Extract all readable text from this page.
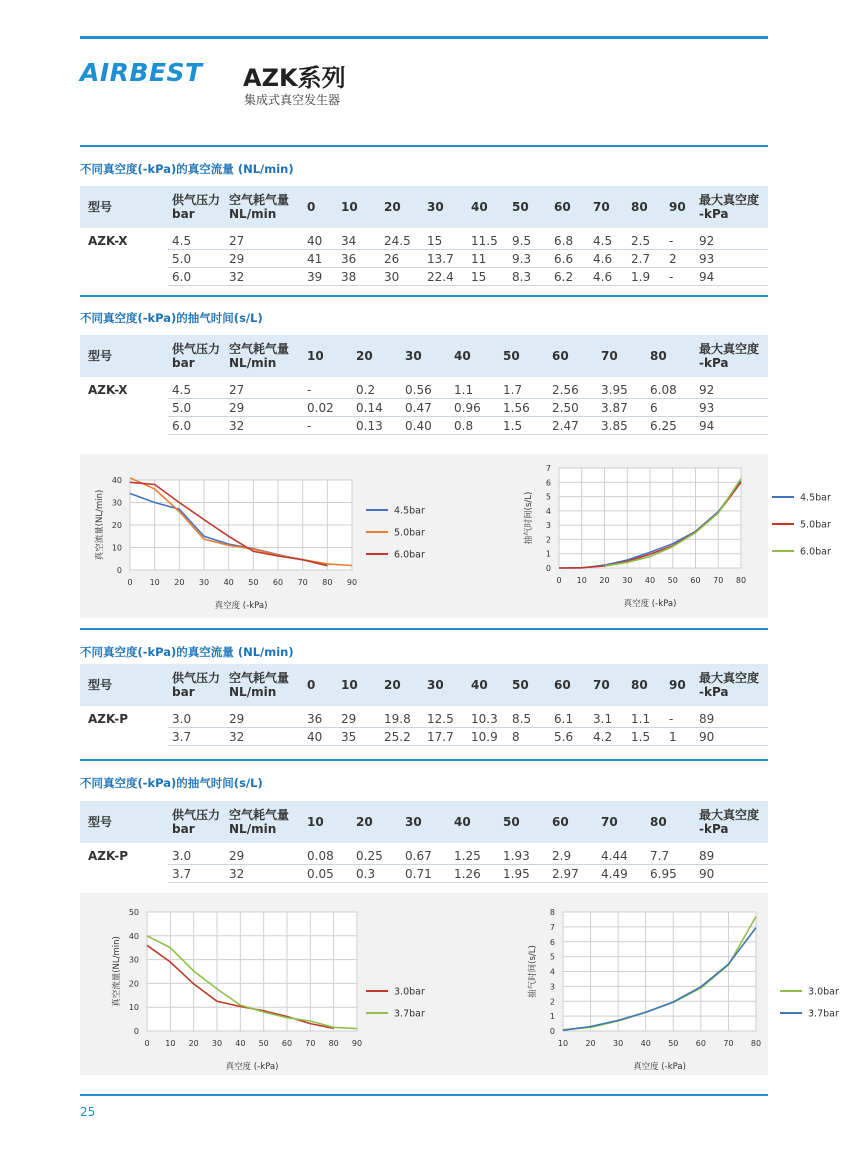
AIRBEST AZK系列
集成式真空发生器
不同真空度(-kPa)的真空流量 (NL/min)
型号	供气压力
bar
空气耗气量
NL/min	0 10 20 30 40 50 60 70 80 90 最大真空度
-kPa
AZK-X	4.5	27	40 34 24.5 15 11.5 9.5 6.8 4.5 2.5 - 92
5.0	29	41 36 26 13.7 11 9.3 6.6 4.6 2.7 2 93
6.0	32	39 38 30 22.4 15 8.3 6.2 4.6 1.9 - 94
不同真空度(-kPa)的抽气时间(s/L)
型号	供气压力
bar
空气耗气量
NL/min	10	20	30	40	50	60	70	80	最大真空度
-kPa
AZK-X	4.5	27	-	0.2 0.56 1.1 1.7 2.56 3.95 6.08 92
5.0	29	0.02 0.14 0.47 0.96 1.56 2.50 3.87 6	93
6.0	32	-	0.13 0.40 0.8 1.5 2.47 3.85 6.25 94
0 10 20 30 40 50 60 70 80 90
0
10
20
30
40
真空度 (-kPa)
真空流量(NL/min)	4.5bar
5.0bar
6.0bar
0 10 20 30 40 50 60 70 80
0
1
2
3
4
5
6
7
真空度 (-kPa)
抽气时间(s/L)	4.5bar
5.0bar
6.0bar
不同真空度(-kPa)的真空流量 (NL/min)
型号	供气压力
bar
空气耗气量
NL/min	0 10 20 30 40 50 60 70 80 90 最大真空度
-kPa
AZK-P	3.0	29	36 29 19.8 12.5 10.3 8.5 6.1 3.1 1.1 - 89
3.7	32	40 35 25.2 17.7 10.9 8	5.6 4.2 1.5 1 90
不同真空度(-kPa)的抽气时间(s/L)
型号	供气压力
bar
空气耗气量
NL/min	10	20	30	40	50	60	70	80	最大真空度
-kPa
AZK-P	3.0	29	0.08 0.25 0.67 1.25 1.93 2.9 4.44 7.7 89
3.7	32	0.05 0.3 0.71 1.26 1.95 2.97 4.49 6.95 90
0 10 20 30 40 50 60 70 80 90
0
10
20
30
40
50
真空度 (-kPa)
真空流量(NL/min)	3.0bar
3.7bar
10 20 30 40 50 60 70 80
0
1
2
3
4
5
6
7
8
真空度 (-kPa)
抽气时间(s/L)	3.0bar
3.7bar
25
